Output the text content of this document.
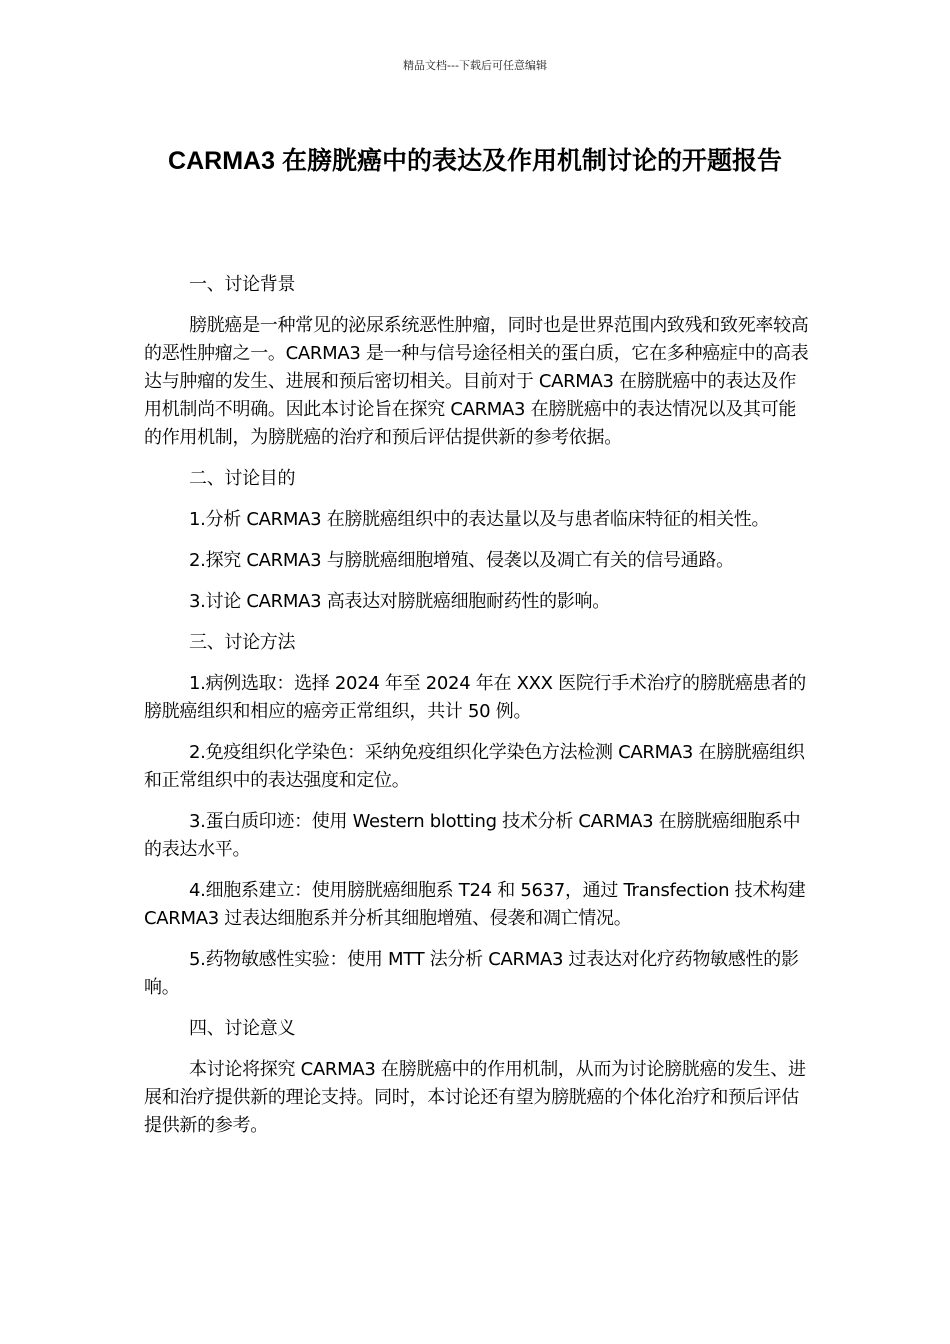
精品文档---下载后可任意编辑
CARMA3 在膀胱癌中的表达及作用机制讨论的开题报告

一、讨论背景

膀胱癌是一种常见的泌尿系统恶性肿瘤，同时也是世界范围内致残和致死率较高的恶性肿瘤之一。CARMA3 是一种与信号途径相关的蛋白质，它在多种癌症中的高表达与肿瘤的发生、进展和预后密切相关。目前对于 CARMA3 在膀胱癌中的表达及作用机制尚不明确。因此本讨论旨在探究 CARMA3 在膀胱癌中的表达情况以及其可能的作用机制，为膀胱癌的治疗和预后评估提供新的参考依据。

二、讨论目的

1.分析 CARMA3 在膀胱癌组织中的表达量以及与患者临床特征的相关性。

2.探究 CARMA3 与膀胱癌细胞增殖、侵袭以及凋亡有关的信号通路。

3.讨论 CARMA3 高表达对膀胱癌细胞耐药性的影响。

三、讨论方法

1.病例选取：选择 2024 年至 2024 年在 XXX 医院行手术治疗的膀胱癌患者的膀胱癌组织和相应的癌旁正常组织，共计 50 例。

2.免疫组织化学染色：采纳免疫组织化学染色方法检测 CARMA3 在膀胱癌组织和正常组织中的表达强度和定位。

3.蛋白质印迹：使用 Western blotting 技术分析 CARMA3 在膀胱癌细胞系中的表达水平。

4.细胞系建立：使用膀胱癌细胞系 T24 和 5637，通过 Transfection 技术构建 CARMA3 过表达细胞系并分析其细胞增殖、侵袭和凋亡情况。

5.药物敏感性实验：使用 MTT 法分析 CARMA3 过表达对化疗药物敏感性的影响。

四、讨论意义

本讨论将探究 CARMA3 在膀胱癌中的作用机制，从而为讨论膀胱癌的发生、进展和治疗提供新的理论支持。同时，本讨论还有望为膀胱癌的个体化治疗和预后评估提供新的参考。
